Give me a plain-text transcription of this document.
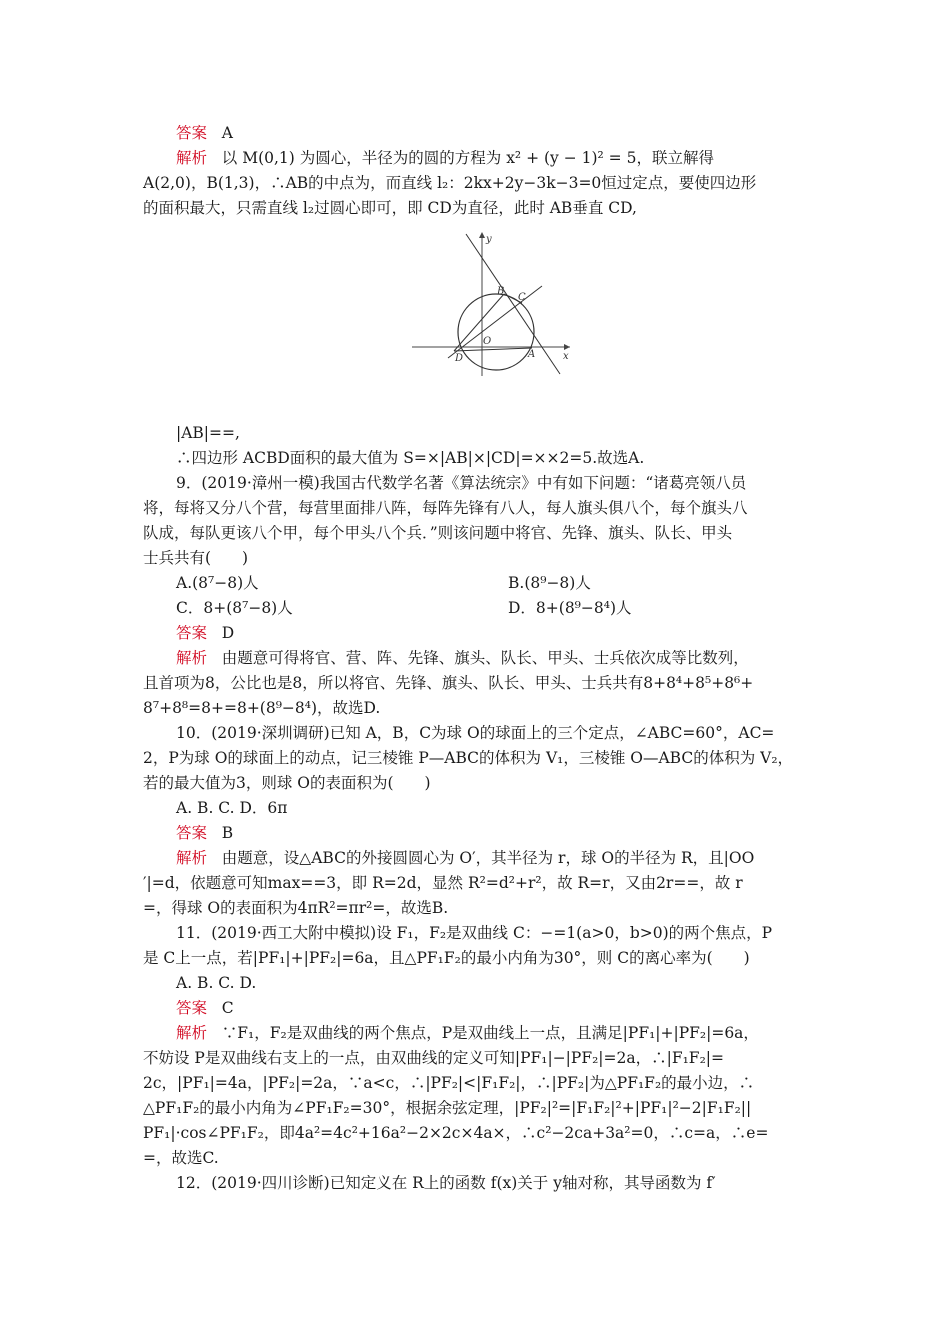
答案 A
解析 以 M(0,1) 为圆心，半径为的圆的方程为 x² + (y − 1)² = 5，联立解得
A(2,0)，B(1,3)，∴AB的中点为，而直线 l₂：2kx+2y−3k−3=0恒过定点，要使四边形
的面积最大，只需直线 l₂过圆心即可，即 CD为直径，此时 AB垂直 CD,
y
x
B
C
O
D	A
|AB|==,
∴四边形 ACBD面积的最大值为 S=×|AB|×|CD|=××2=5.故选A.
9．(2019·漳州一模)我国古代数学名著《算法统宗》中有如下问题：“诸葛亮领八员
将，每将又分八个营，每营里面排八阵，每阵先锋有八人，每人旗头俱八个，每个旗头八
队成，每队更该八个甲，每个甲头八个兵．”则该问题中将官、先锋、旗头、队长、甲头
士兵共有(　　)
A.(8⁷−8)人	B.(8⁹−8)人
C．8+(8⁷−8)人	D．8+(8⁹−8⁴)人
答案 D
解析 由题意可得将官、营、阵、先锋、旗头、队长、甲头、士兵依次成等比数列，
且首项为8，公比也是8，所以将官、先锋、旗头、队长、甲头、士兵共有8+8⁴+8⁵+8⁶+
8⁷+8⁸=8+=8+(8⁹−8⁴)，故选D.
10．(2019·深圳调研)已知 A，B，C为球 O的球面上的三个定点，∠ABC=60°，AC=
2，P为球 O的球面上的动点，记三棱锥 P—ABC的体积为 V₁，三棱锥 O—ABC的体积为 V₂，
若的最大值为3，则球 O的表面积为(　　)
A. B. C. D．6π
答案 B
解析 由题意，设△ABC的外接圆圆心为 O′，其半径为 r，球 O的半径为 R，且|OO
′|=d，依题意可知max==3，即 R=2d，显然 R²=d²+r²，故 R=r，又由2r==，故 r
=，得球 O的表面积为4πR²=πr²=，故选B.
11．(2019·西工大附中模拟)设 F₁，F₂是双曲线 C：−=1(a>0，b>0)的两个焦点，P
是 C上一点，若|PF₁|+|PF₂|=6a，且△PF₁F₂的最小内角为30°，则 C的离心率为(　　)
A. B. C. D.
答案 C
解析 ∵F₁，F₂是双曲线的两个焦点，P是双曲线上一点，且满足|PF₁|+|PF₂|=6a，
不妨设 P是双曲线右支上的一点，由双曲线的定义可知|PF₁|−|PF₂|=2a，∴|F₁F₂|=
2c，|PF₁|=4a，|PF₂|=2a，∵a<c，∴|PF₂|<|F₁F₂|，∴|PF₂|为△PF₁F₂的最小边，∴
△PF₁F₂的最小内角为∠PF₁F₂=30°，根据余弦定理，|PF₂|²=|F₁F₂|²+|PF₁|²−2|F₁F₂||
PF₁|·cos∠PF₁F₂，即4a²=4c²+16a²−2×2c×4a×，∴c²−2ca+3a²=0，∴c=a，∴e=
=，故选C.
12．(2019·四川诊断)已知定义在 R上的函数 f(x)关于 y轴对称，其导函数为 f′
